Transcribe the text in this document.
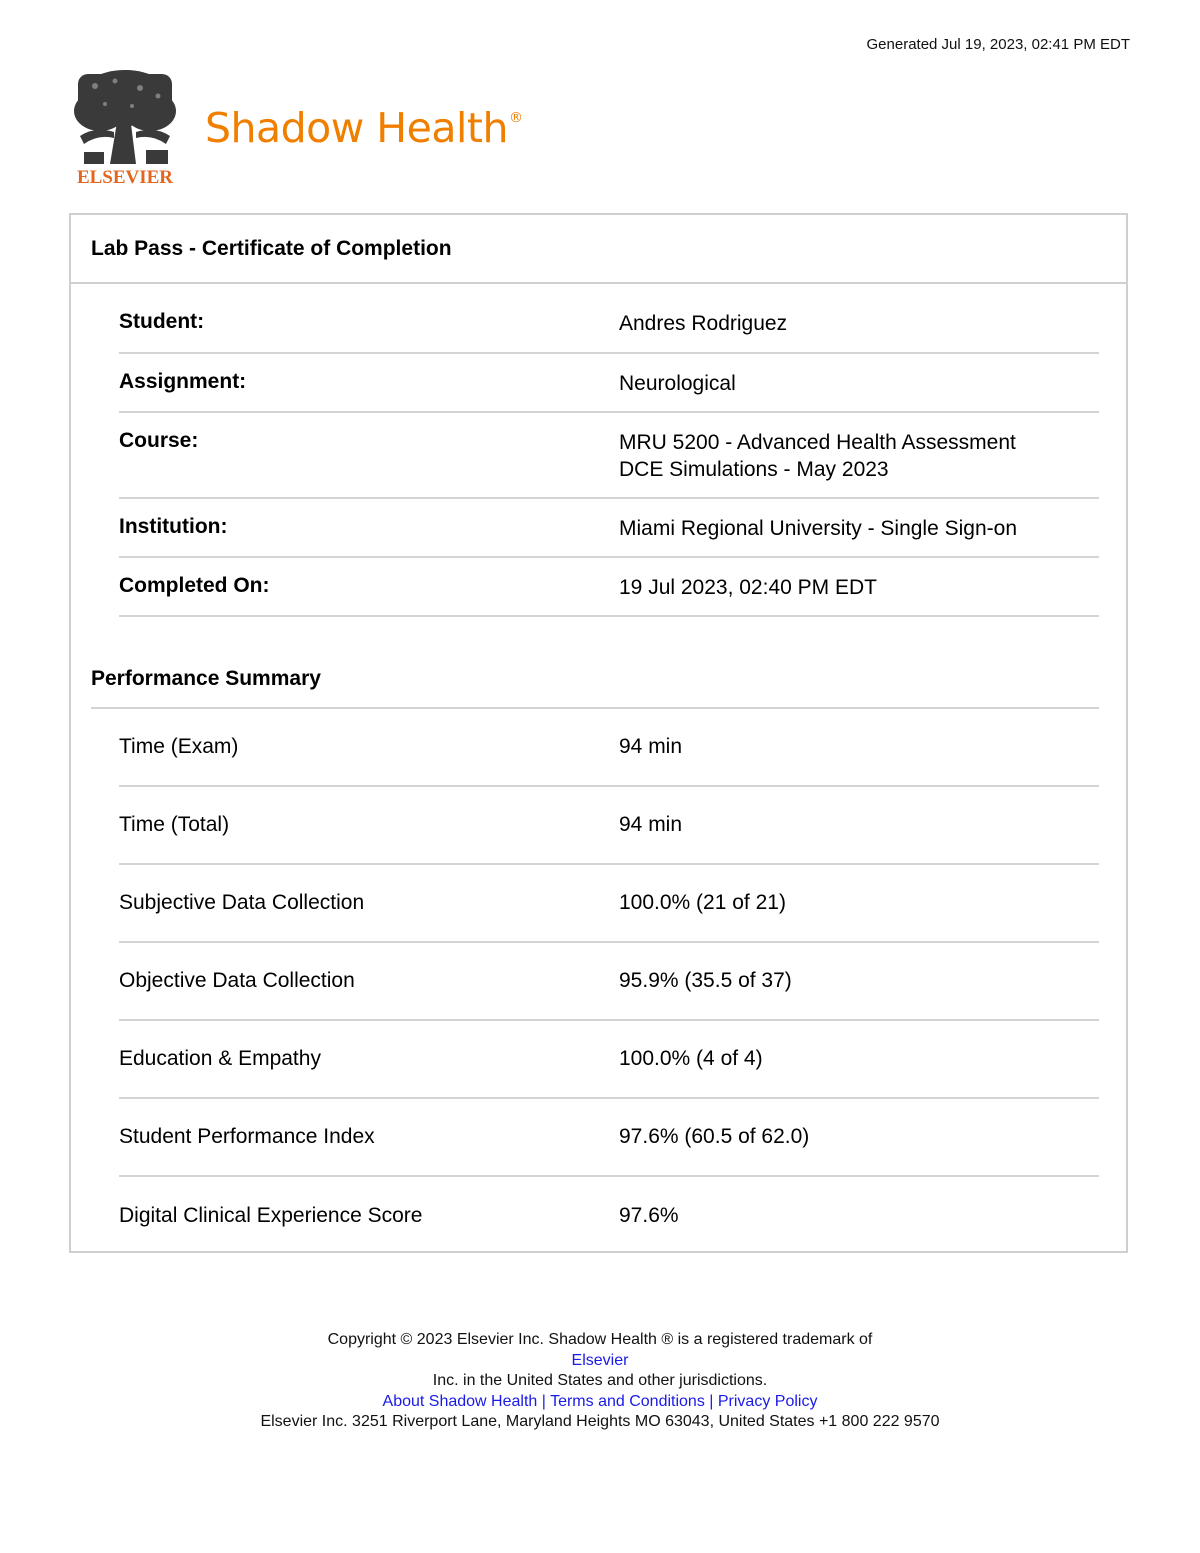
Generated Jul 19, 2023, 02:41 PM EDT
ELSEVIER
Shadow Health®
Lab Pass - Certificate of Completion
Student:	Andres Rodriguez
Assignment:	Neurological
Course:	MRU 5200 - Advanced Health Assessment
DCE Simulations - May 2023
Institution:	Miami Regional University - Single Sign-on
Completed On:	19 Jul 2023, 02:40 PM EDT
Performance Summary
Time (Exam)	94 min
Time (Total)	94 min
Subjective Data Collection	100.0% (21 of 21)
Objective Data Collection	95.9% (35.5 of 37)
Education & Empathy	100.0% (4 of 4)
Student Performance Index	97.6% (60.5 of 62.0)
Digital Clinical Experience Score	97.6%
Copyright © 2023 Elsevier Inc. Shadow Health ® is a registered trademark of
Elsevier
Inc. in the United States and other jurisdictions.
About Shadow Health | Terms and Conditions | Privacy Policy
Elsevier Inc. 3251 Riverport Lane, Maryland Heights MO 63043, United States +1 800 222 9570
